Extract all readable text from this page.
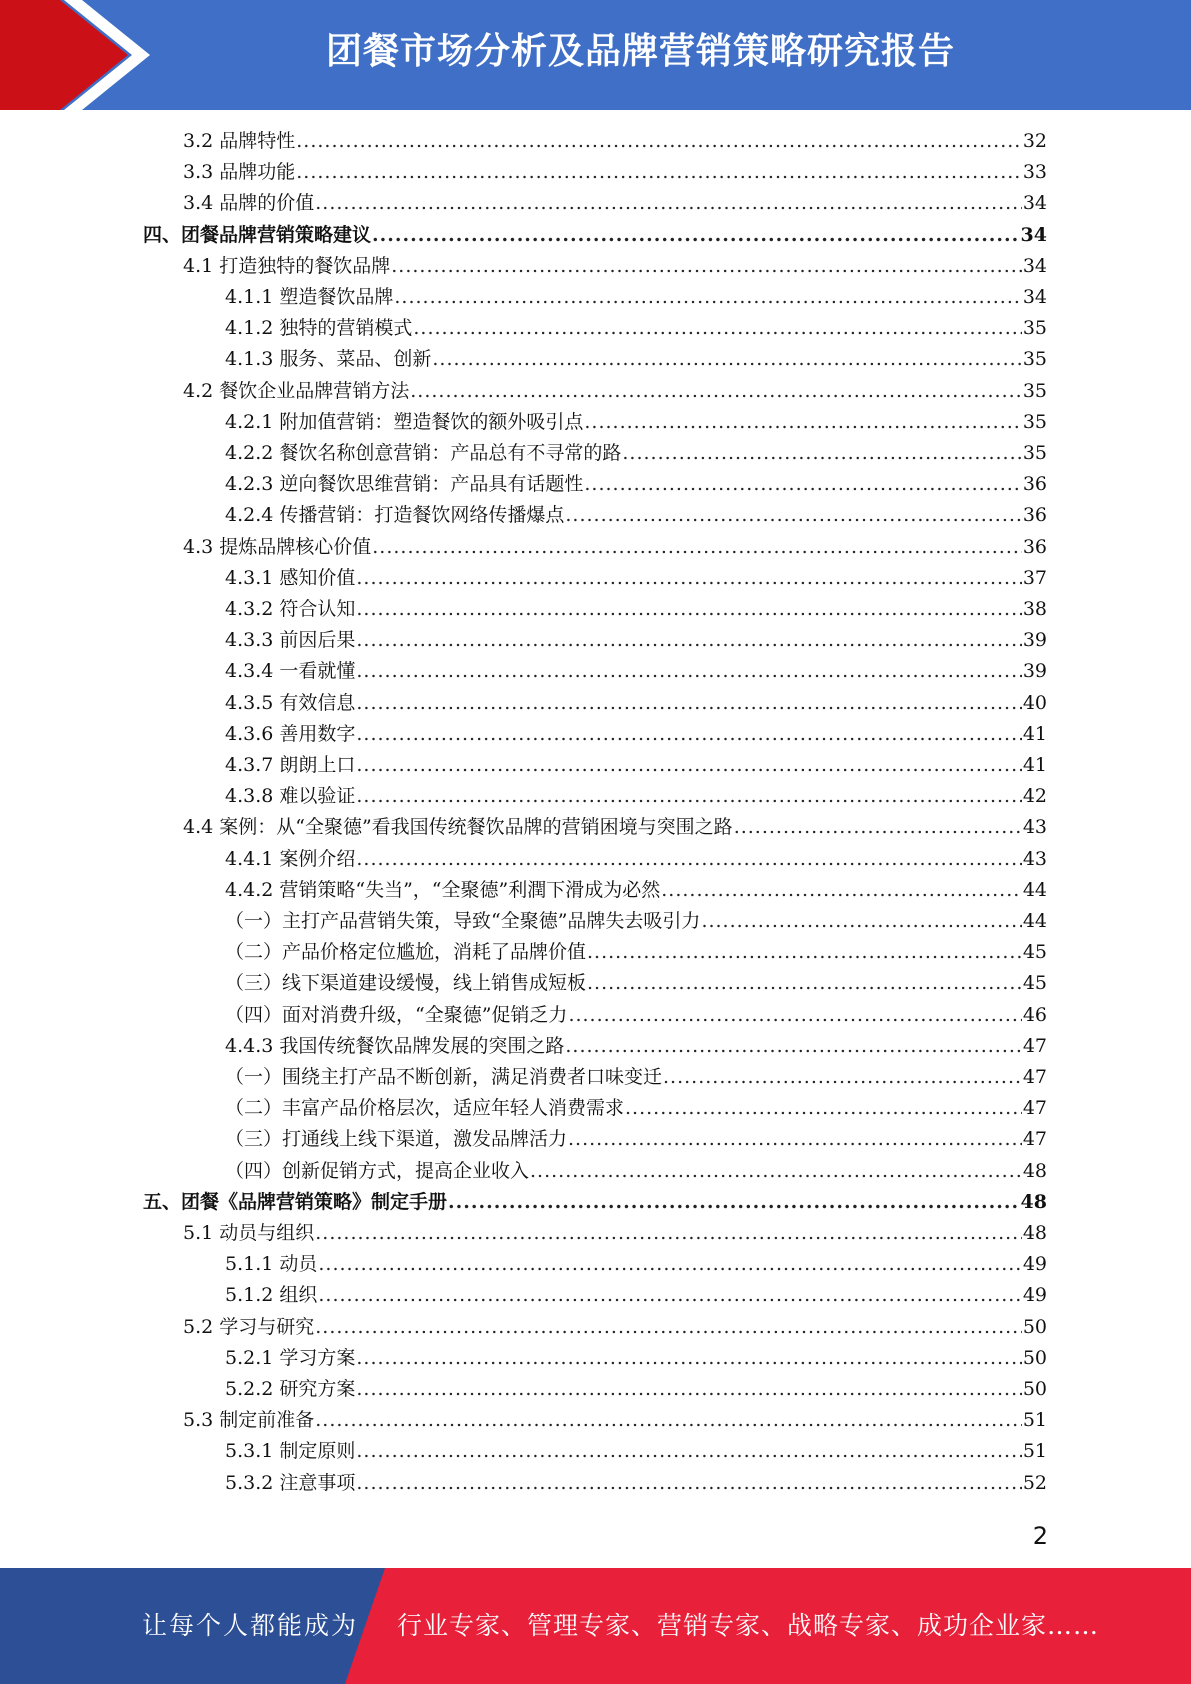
团餐市场分析及品牌营销策略研究报告
3.2 品牌特性 .....	32
3.3 品牌功能 .....	33
3.4 品牌的价值 .....	34
四、团餐品牌营销策略建议 .....	34
4.1 打造独特的餐饮品牌 .....	34
4.1.1 塑造餐饮品牌 .....	34
4.1.2 独特的营销模式 .....	35
4.1.3 服务、菜品、创新 .....	35
4.2 餐饮企业品牌营销方法 .....	35
4.2.1 附加值营销：塑造餐饮的额外吸引点 .....	35
4.2.2 餐饮名称创意营销：产品总有不寻常的路 .....	35
4.2.3 逆向餐饮思维营销：产品具有话题性 .....	36
4.2.4 传播营销：打造餐饮网络传播爆点 .....	36
4.3 提炼品牌核心价值 .....	36
4.3.1 感知价值 .....	37
4.3.2 符合认知 .....	38
4.3.3 前因后果 .....	39
4.3.4 一看就懂 .....	39
4.3.5 有效信息 .....	40
4.3.6 善用数字 .....	41
4.3.7 朗朗上口 .....	41
4.3.8 难以验证 .....	42
4.4 案例：从“全聚德”看我国传统餐饮品牌的营销困境与突围之路 .....	43
4.4.1 案例介绍 .....	43
4.4.2 营销策略“失当”，“全聚德”利潤下滑成为必然 .....	44
（一）主打产品营销失策，导致“全聚德”品牌失去吸引力 .....	44
（二）产品价格定位尴尬，消耗了品牌价值 .....	45
（三）线下渠道建设缓慢，线上销售成短板 .....	45
（四）面对消费升级，“全聚德”促销乏力 .....	46
4.4.3 我国传统餐饮品牌发展的突围之路 .....	47
（一）围绕主打产品不断创新，满足消费者口味变迁 .....	47
（二）丰富产品价格层次，适应年轻人消费需求 .....	47
（三）打通线上线下渠道，激发品牌活力 .....	47
（四）创新促销方式，提高企业收入 .....	48
五、团餐《品牌营销策略》制定手册 .....	48
5.1 动员与组织 .....	48
5.1.1 动员 .....	49
5.1.2 组织 .....	49
5.2 学习与研究 .....	50
5.2.1 学习方案 .....	50
5.2.2 研究方案 .....	50
5.3 制定前准备 .....	51
5.3.1 制定原则 .....	51
5.3.2 注意事项 .....	52
2
让每个人都能成为 行业专家、管理专家、营销专家、战略专家、成功企业家……
